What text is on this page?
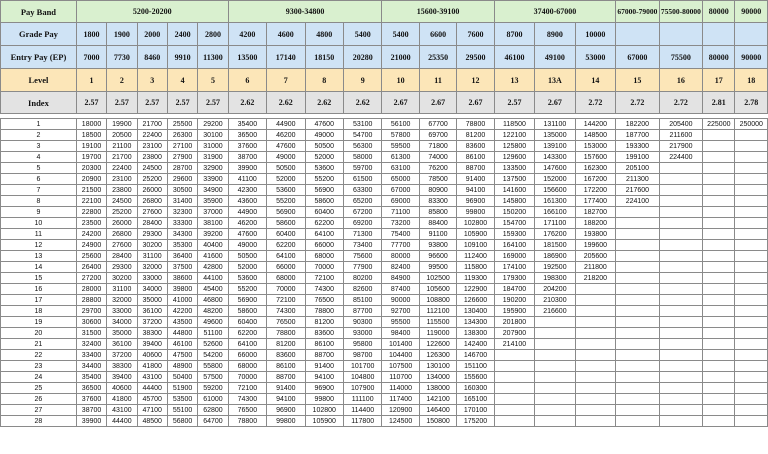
Pay Band	5200-20200					9300-34800				15600-39100			37400-67000			67000-79000	75500-80000	80000	90000
Grade Pay	1800	1900	2000	2400	2800	4200	4600	4800	5400	5400	6600	7600	8700	8900	10000				
Entry Pay (EP)	7000	7730	8460	9910	11300	13500	17140	18150	20280	21000	25350	29500	46100	49100	53000	67000	75500	80000	90000
Level	1	2	3	4	5	6	7	8	9	10	11	12	13	13A	14	15	16	17	18
Index	2.57	2.57	2.57	2.57	2.57	2.62	2.62	2.62	2.62	2.67	2.67	2.67	2.57	2.67	2.72	2.72	2.72	2.81	2.78

1	18000	19900	21700	25500	29200	35400	44900	47600	53100	56100	67700	78800	118500	131100	144200	182200	205400	225000	250000
2	18500	20500	22400	26300	30100	36500	46200	49000	54700	57800	69700	81200	122100	135000	148500	187700	211600		
3	19100	21100	23100	27100	31000	37600	47600	50500	56300	59500	71800	83600	125800	139100	153000	193300	217900		
4	19700	21700	23800	27900	31900	38700	49000	52000	58000	61300	74000	86100	129600	143300	157600	199100	224400		
5	20300	22400	24500	28700	32900	39900	50500	53600	59700	63100	76200	88700	133500	147600	162300	205100			
6	20900	23100	25200	29600	33900	41100	52000	55200	61500	65000	78500	91400	137500	152000	167200	211300			
7	21500	23800	26000	30500	34900	42300	53600	56900	63300	67000	80900	94100	141600	156600	172200	217600			
8	22100	24500	26800	31400	35900	43600	55200	58600	65200	69000	83300	96900	145800	161300	177400	224100			
9	22800	25200	27600	32300	37000	44900	56900	60400	67200	71100	85800	99800	150200	166100	182700				
10	23500	26000	28400	33300	38100	46200	58600	62200	69200	73200	88400	102800	154700	171100	188200				
11	24200	26800	29300	34300	39200	47600	60400	64100	71300	75400	91100	105900	159300	176200	193800				
12	24900	27600	30200	35300	40400	49000	62200	66000	73400	77700	93800	109100	164100	181500	199600				
13	25600	28400	31100	36400	41600	50500	64100	68000	75600	80000	96600	112400	169000	186900	205600				
14	26400	29300	32000	37500	42800	52000	66000	70000	77900	82400	99500	115800	174100	192500	211800				
15	27200	30200	33000	38600	44100	53600	68000	72100	80200	84900	102500	119300	179300	198300	218200				
16	28000	31100	34000	39800	45400	55200	70000	74300	82600	87400	105600	122900	184700	204200					
17	28800	32000	35000	41000	46800	56900	72100	76500	85100	90000	108800	126600	190200	210300					
18	29700	33000	36100	42200	48200	58600	74300	78800	87700	92700	112100	130400	195900	216600					
19	30600	34000	37200	43500	49600	60400	76500	81200	90300	95500	115500	134300	201800						
20	31500	35000	38300	44800	51100	62200	78800	83600	93000	98400	119000	138300	207900						
21	32400	36100	39400	46100	52600	64100	81200	86100	95800	101400	122600	142400	214100						
22	33400	37200	40600	47500	54200	66000	83600	88700	98700	104400	126300	146700							
23	34400	38300	41800	48900	55800	68000	86100	91400	101700	107500	130100	151100							
24	35400	39400	43100	50400	57500	70000	88700	94100	104800	110700	134000	155600							
25	36500	40600	44400	51900	59200	72100	91400	96900	107900	114000	138000	160300							
26	37600	41800	45700	53500	61000	74300	94100	99800	111100	117400	142100	165100							
27	38700	43100	47100	55100	62800	76500	96900	102800	114400	120900	146400	170100							
28	39900	44400	48500	56800	64700	78800	99800	105900	117800	124500	150800	175200							
